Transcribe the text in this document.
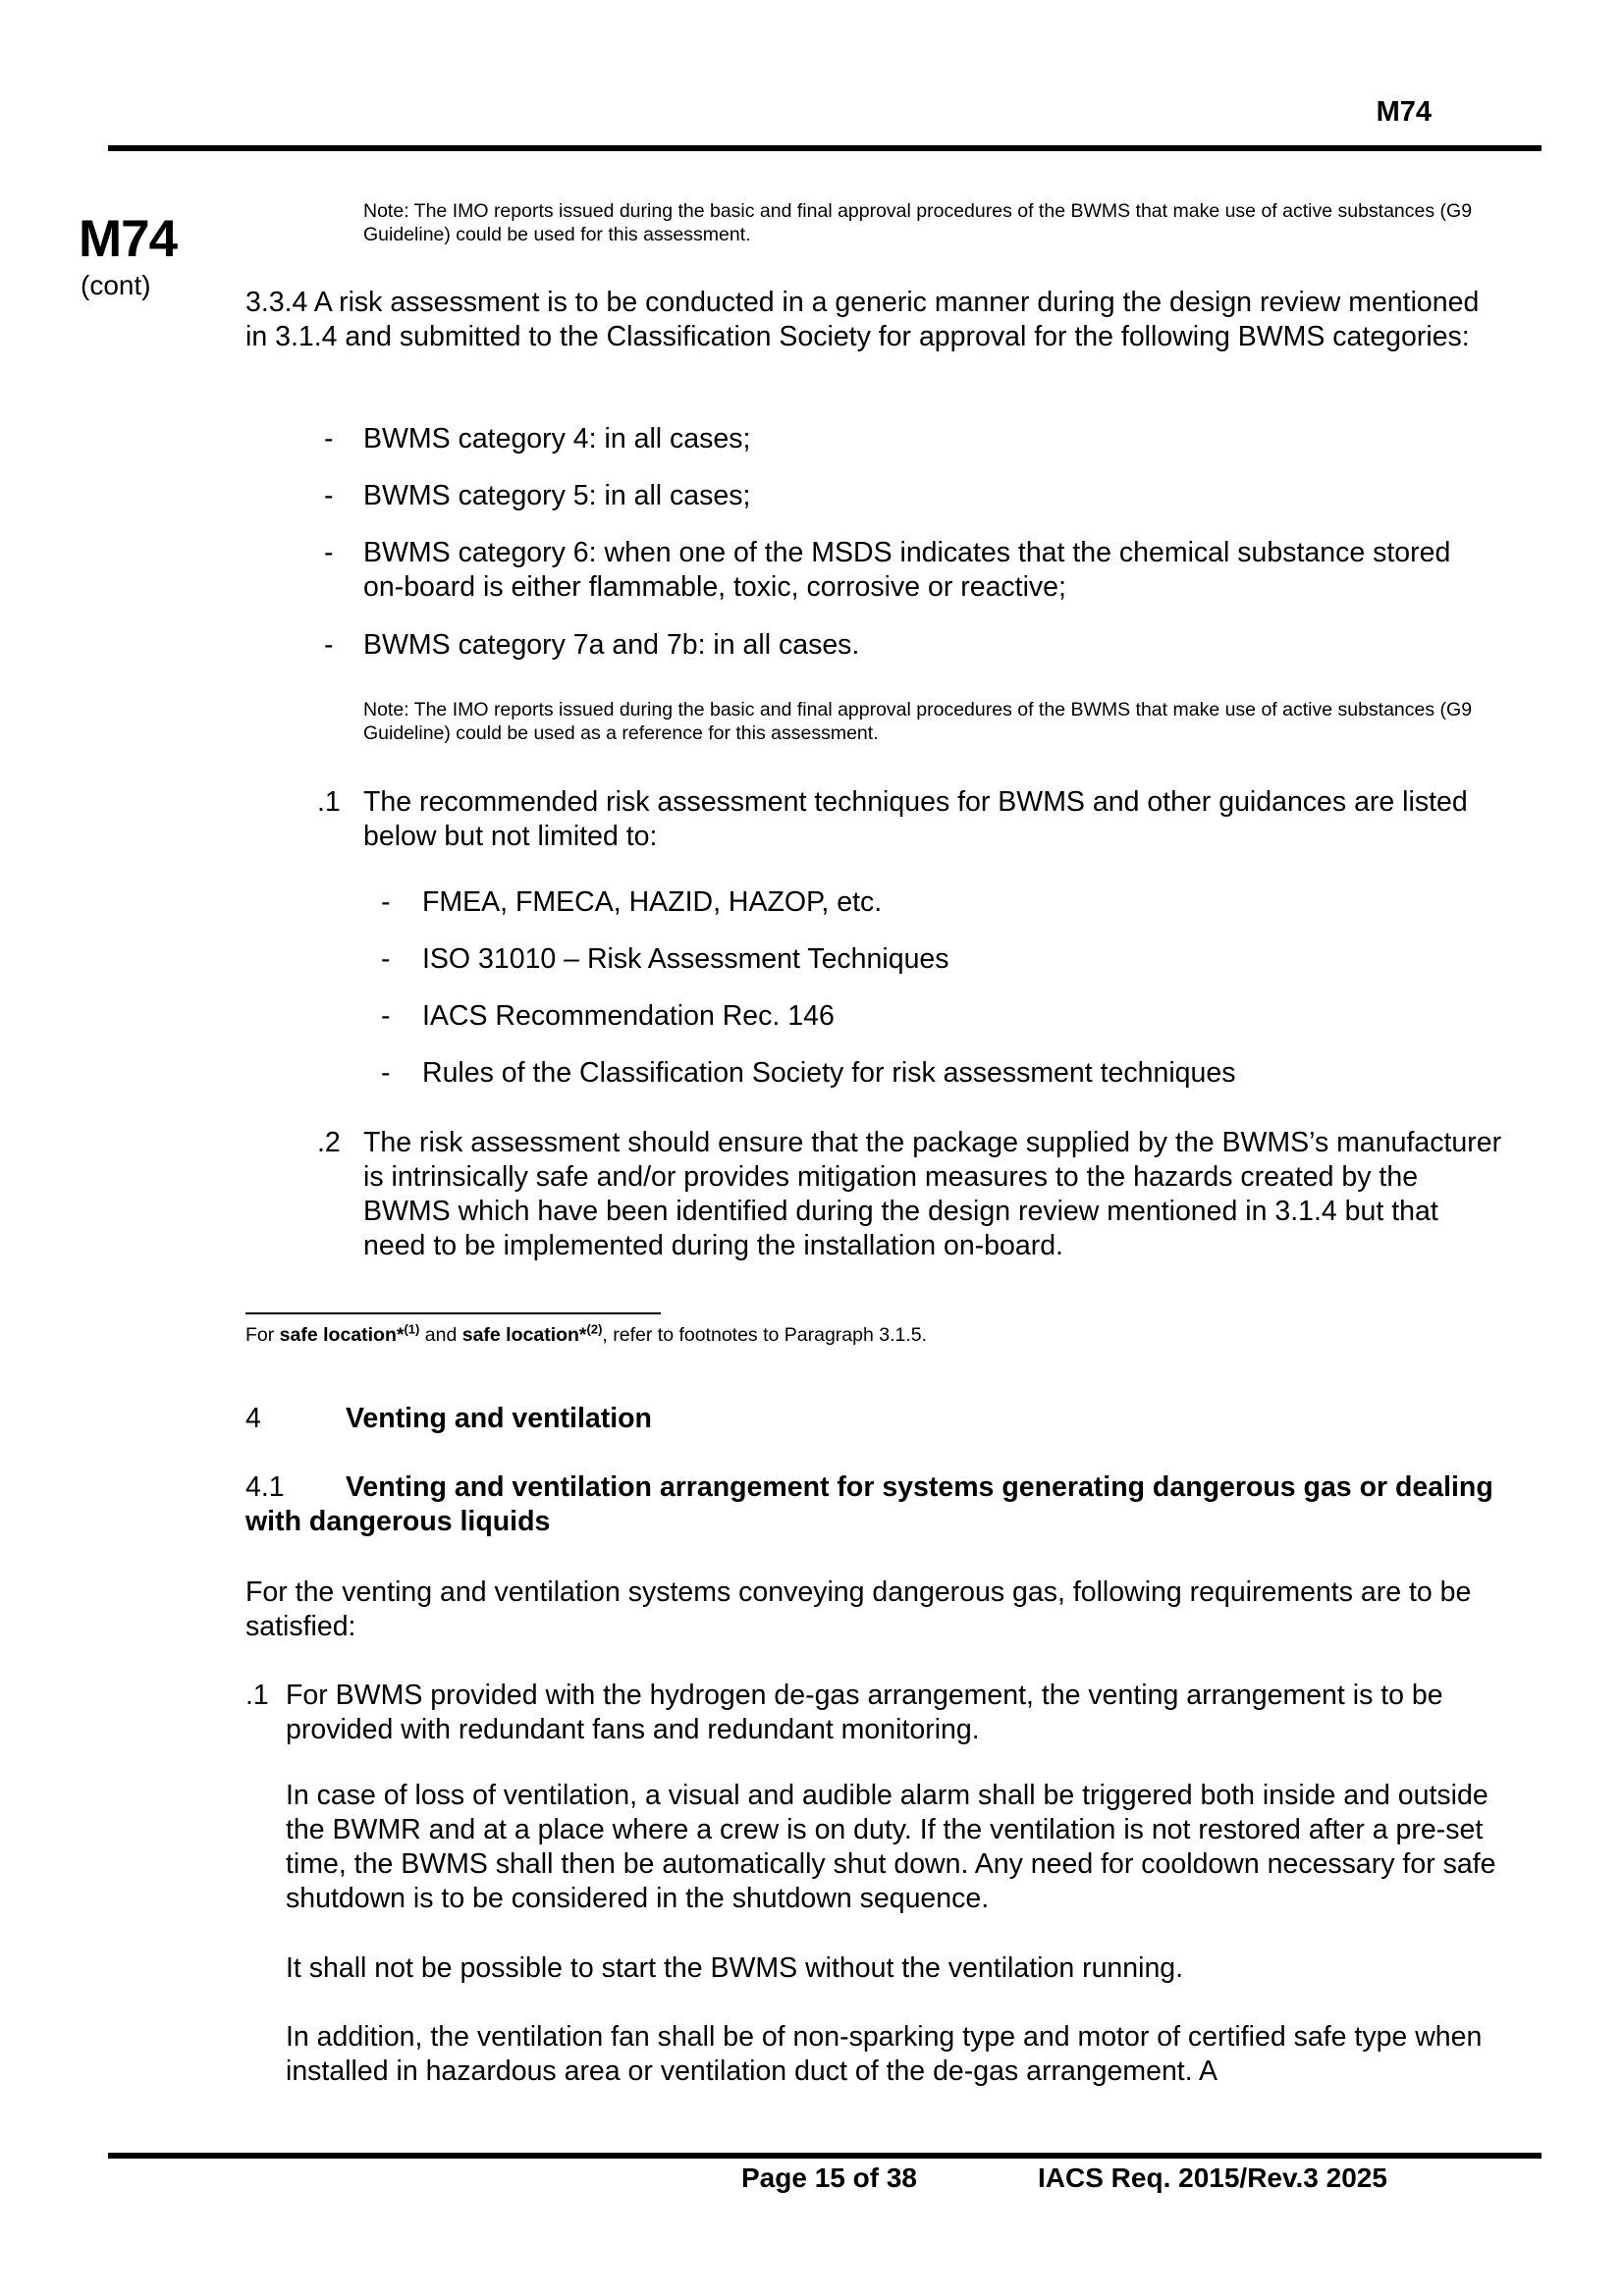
M74
M74
(cont)
Note: The IMO reports issued during the basic and final approval procedures of the BWMS that make use of active substances (G9 Guideline) could be used for this assessment.
3.3.4 A risk assessment is to be conducted in a generic manner during the design review mentioned in 3.1.4 and submitted to the Classification Society for approval for the following BWMS categories:
- BWMS category 4: in all cases;
- BWMS category 5: in all cases;
- BWMS category 6: when one of the MSDS indicates that the chemical substance stored on-board is either flammable, toxic, corrosive or reactive;
- BWMS category 7a and 7b: in all cases.
Note: The IMO reports issued during the basic and final approval procedures of the BWMS that make use of active substances (G9 Guideline) could be used as a reference for this assessment.
.1 The recommended risk assessment techniques for BWMS and other guidances are listed below but not limited to:
- FMEA, FMECA, HAZID, HAZOP, etc.
- ISO 31010 – Risk Assessment Techniques
- IACS Recommendation Rec. 146
- Rules of the Classification Society for risk assessment techniques
.2 The risk assessment should ensure that the package supplied by the BWMS’s manufacturer is intrinsically safe and/or provides mitigation measures to the hazards created by the BWMS which have been identified during the design review mentioned in 3.1.4 but that need to be implemented during the installation on-board.
For safe location*$^{(1)}$ and safe location*$^{(2)}$, refer to footnotes to Paragraph 3.1.5.
4	Venting and ventilation
4.1 Venting and ventilation arrangement for systems generating dangerous gas or dealing with dangerous liquids
For the venting and ventilation systems conveying dangerous gas, following requirements are to be satisfied:
.1 For BWMS provided with the hydrogen de-gas arrangement, the venting arrangement is to be provided with redundant fans and redundant monitoring.
In case of loss of ventilation, a visual and audible alarm shall be triggered both inside and outside the BWMR and at a place where a crew is on duty. If the ventilation is not restored after a pre-set time, the BWMS shall then be automatically shut down. Any need for cooldown necessary for safe shutdown is to be considered in the shutdown sequence.
It shall not be possible to start the BWMS without the ventilation running.
In addition, the ventilation fan shall be of non-sparking type and motor of certified safe type when installed in hazardous area or ventilation duct of the de-gas arrangement. A
Page 15 of 38	IACS Req. 2015/Rev.3 2025
